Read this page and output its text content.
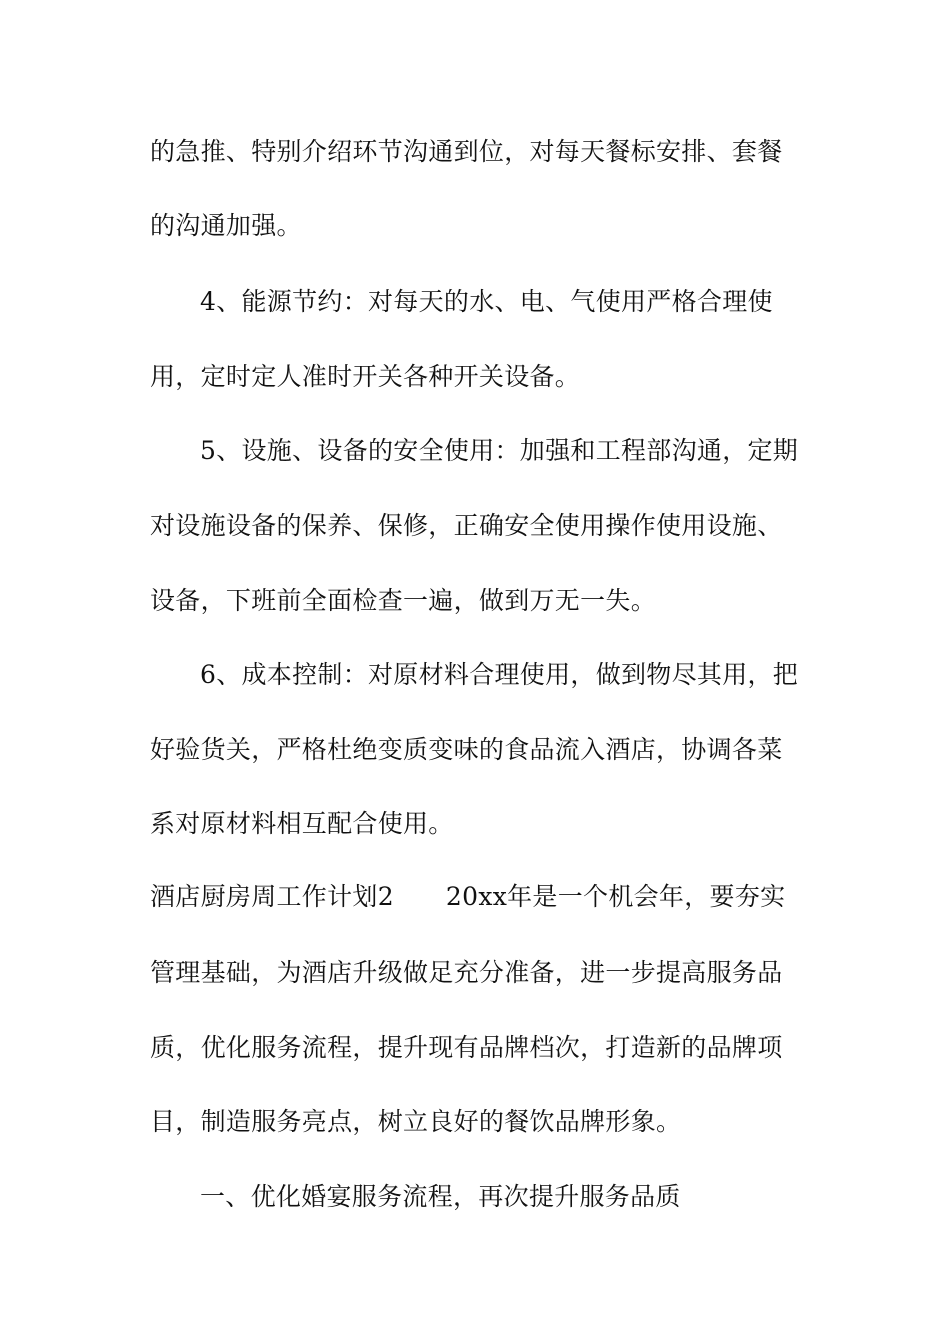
的急推、特别介绍环节沟通到位，对每天餐标安排、套餐
的沟通加强。
4、能源节约：对每天的水、电、气使用严格合理使
用，定时定人准时开关各种开关设备。
5、设施、设备的安全使用：加强和工程部沟通，定期
对设施设备的保养、保修，正确安全使用操作使用设施、
设备，下班前全面检查一遍，做到万无一失。
6、成本控制：对原材料合理使用，做到物尽其用，把
好验货关，严格杜绝变质变味的食品流入酒店，协调各菜
系对原材料相互配合使用。
酒店厨房周工作计划2 20xx年是一个机会年，要夯实
管理基础，为酒店升级做足充分准备，进一步提高服务品
质，优化服务流程，提升现有品牌档次，打造新的品牌项
目，制造服务亮点，树立良好的餐饮品牌形象。
一、优化婚宴服务流程，再次提升服务品质
